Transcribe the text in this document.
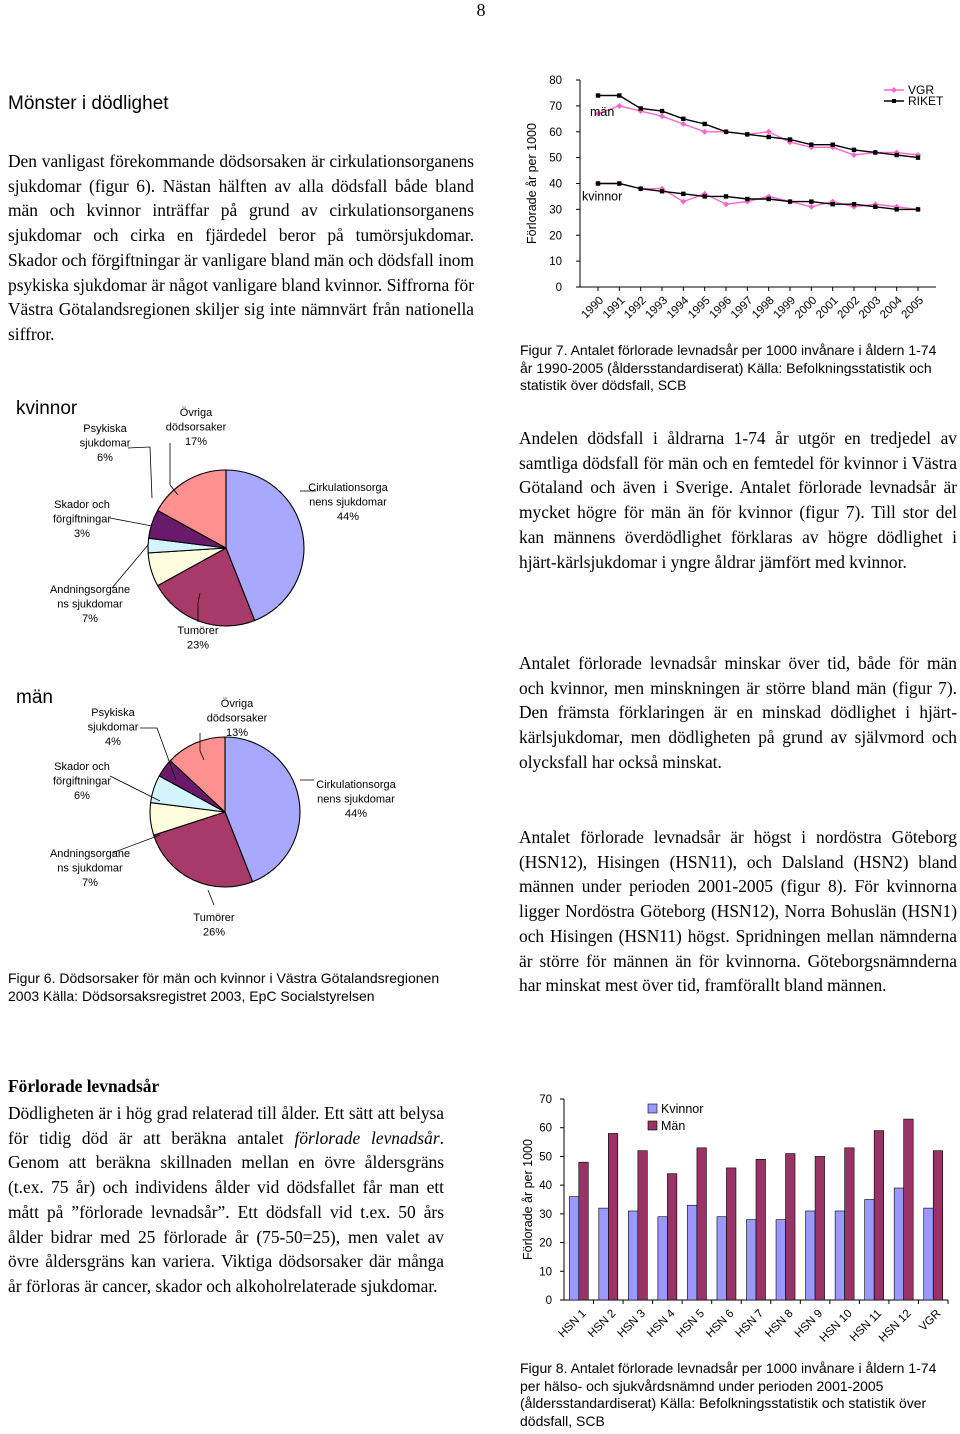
8
Mönster i dödlighet
Den vanligast förekommande dödsorsaken är cirkulationsorganens sjukdomar (figur 6). Nästan hälften av alla dödsfall både bland män och kvinnor inträffar på grund av cirkulationsorganens sjukdomar och cirka en fjärdedel beror på tumörsjukdomar. Skador och förgiftningar är vanligare bland män och dödsfall inom psykiska sjukdomar är något vanligare bland kvinnor. Siffrorna för Västra Götalandsregionen skiljer sig inte nämnvärt från nationella siffror.
kvinnor
Cirkulationsorga nens sjukdomar 44%
Tumörer 23%
Andningsorgane ns sjukdomar 7%
Skador och förgiftningar 3%
Psykiska sjukdomar 6%
Övriga dödsorsaker 17%
män
Cirkulationsorga nens sjukdomar 44%
Tumörer 26%
Andningsorgane ns sjukdomar 7%
Skador och förgiftningar 6%
Psykiska sjukdomar 4%
Övriga dödsorsaker 13%
Figur 6. Dödsorsaker för män och kvinnor i Västra Götalandsregionen 2003 Källa: Dödsorsaksregistret 2003, EpC Socialstyrelsen
0
10
20
30
40
50
60
70
80
1990
1991
1992
1993
1994
1995
1996
1997
1998
1999
2000
2001
2002
2003
2004
2005
Förlorade år per 1000
män
kvinnor
VGR
RIKET
Figur 7. Antalet förlorade levnadsår per 1000 invånare i åldern 1-74 år 1990-2005 (åldersstandardiserat) Källa: Befolkningsstatistik och statistik över dödsfall, SCB
Andelen dödsfall i åldrarna 1-74 år utgör en tredjedel av samtliga dödsfall för män och en femtedel för kvinnor i Västra Götaland och även i Sverige. Antalet förlorade levnadsår är mycket högre för män än för kvinnor (figur 7). Till stor del kan männens överdödlighet förklaras av högre dödlighet i hjärt-kärlsjukdomar i yngre åldrar jämfört med kvinnor.
Antalet förlorade levnadsår minskar över tid, både för män och kvinnor, men minskningen är större bland män (figur 7). Den främsta förklaringen är en minskad dödlighet i hjärt-kärlsjukdomar, men dödligheten på grund av självmord och olycksfall har också minskat.
Antalet förlorade levnadsår är högst i nordöstra Göteborg (HSN12), Hisingen (HSN11), och Dalsland (HSN2) bland männen under perioden 2001-2005 (figur 8). För kvinnorna ligger Nordöstra Göteborg (HSN12), Norra Bohuslän (HSN1) och Hisingen (HSN11) högst. Spridningen mellan nämnderna är större för männen än för kvinnorna. Göteborgsnämnderna har minskat mest över tid, framförallt bland männen.
Förlorade levnadsår
Dödligheten är i hög grad relaterad till ålder. Ett sätt att belysa för tidig död är att beräkna antalet förlorade levnadsår. Genom att beräkna skillnaden mellan en övre åldersgräns (t.ex. 75 år) och individens ålder vid dödsfallet får man ett mått på ”förlorade levnadsår”. Ett dödsfall vid t.ex. 50 års ålder bidrar med 25 förlorade år (75-50=25), men valet av övre åldersgräns kan variera. Viktiga dödsorsaker där många år förloras är cancer, skador och alkoholrelaterade sjukdomar.
0
10
20
30
40
50
60
70
Förlorade år per 1000
HSN 1
HSN 2
HSN 3
HSN 4
HSN 5
HSN 6
HSN 7
HSN 8
HSN 9
HSN 10
HSN 11
HSN 12 VGR
Kvinnor
Män
Figur 8. Antalet förlorade levnadsår per 1000 invånare i åldern 1-74 per hälso- och sjukvårdsnämnd under perioden 2001-2005 (åldersstandardiserat) Källa: Befolkningsstatistik och statistik över dödsfall, SCB
